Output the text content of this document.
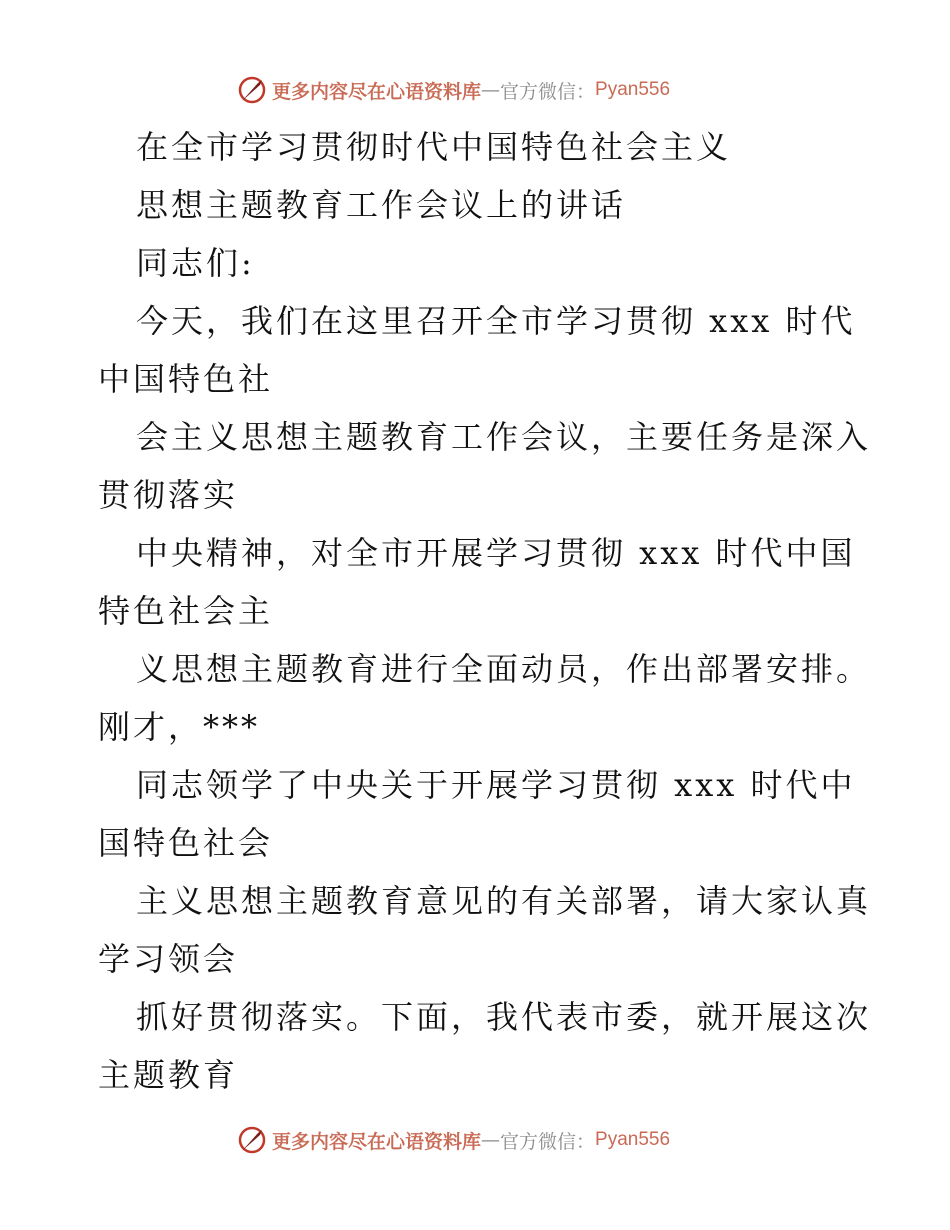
更多内容尽在心语资料库 — 官方微信： Pyan556
在全市学习贯彻时代中国特色社会主义
思想主题教育工作会议上的讲话
同志们:
今天，我们在这里召开全市学习贯彻 xxx 时代
中国特色社
会主义思想主题教育工作会议，主要任务是深入
贯彻落实
中央精神，对全市开展学习贯彻 xxx 时代中国
特色社会主
义思想主题教育进行全面动员，作出部署安排。
刚才，***
同志领学了中央关于开展学习贯彻 xxx 时代中
国特色社会
主义思想主题教育意见的有关部署，请大家认真
学习领会
抓好贯彻落实。下面，我代表市委，就开展这次
主题教育
更多内容尽在心语资料库 — 官方微信： Pyan556
